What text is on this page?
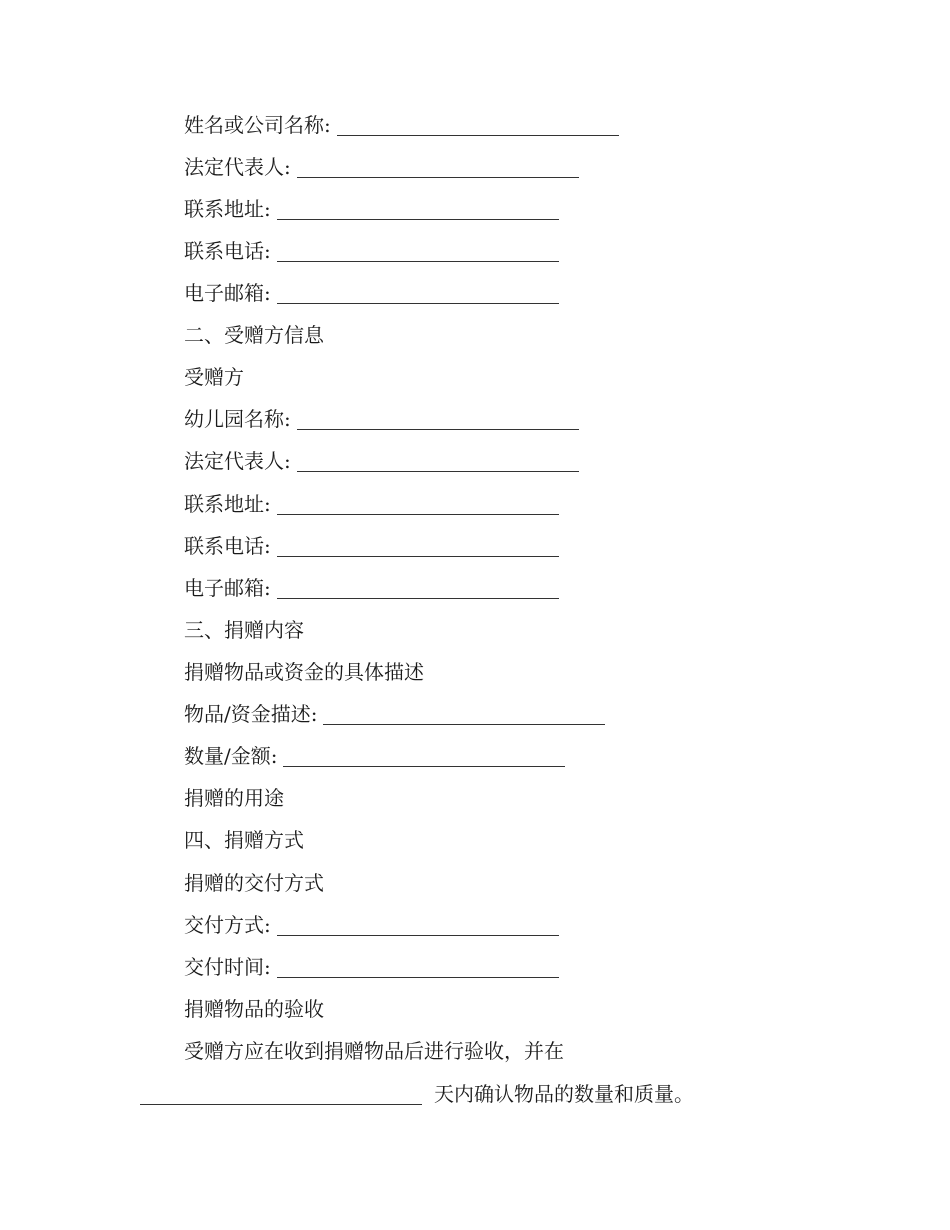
姓名或公司名称:
法定代表人:
联系地址:
联系电话:
电子邮箱:
二、受赠方信息
受赠方
幼儿园名称:
法定代表人:
联系地址:
联系电话:
电子邮箱:
三、捐赠内容
捐赠物品或资金的具体描述
物品/资金描述:
数量/金额:
捐赠的用途
四、捐赠方式
捐赠的交付方式
交付方式:
交付时间:
捐赠物品的验收
受赠方应在收到捐赠物品后进行验收，并在
天内确认物品的数量和质量。
